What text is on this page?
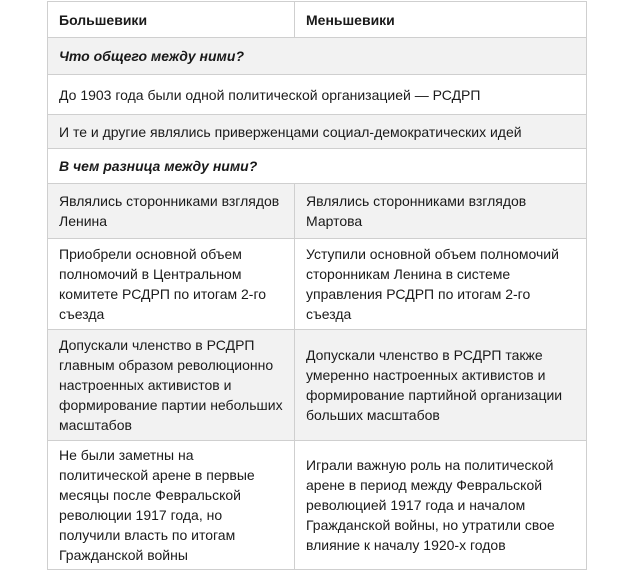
Большевики	Меньшевики
Что общего между ними?	
До 1903 года были одной политической организацией — РСДРП	
И те и другие являлись приверженцами социал-демократических идей	
В чем разница между ними?	
Являлись сторонниками взглядов Ленина	Являлись сторонниками взглядов Мартова
Приобрели основной объем полномочий в Центральном комитете РСДРП по итогам 2-го съезда	Уступили основной объем полномочий сторонникам Ленина в системе управления РСДРП по итогам 2-го съезда
Допускали членство в РСДРП главным образом революционно настроенных активистов и формирование партии небольших масштабов	Допускали членство в РСДРП также умеренно настроенных активистов и формирование партийной организации больших масштабов
Не были заметны на политической арене в первые месяцы после Февральской революции 1917 года, но получили власть по итогам Гражданской войны	Играли важную роль на политической арене в период между Февральской революцией 1917 года и началом Гражданской войны, но утратили свое влияние к началу 1920-х годов
